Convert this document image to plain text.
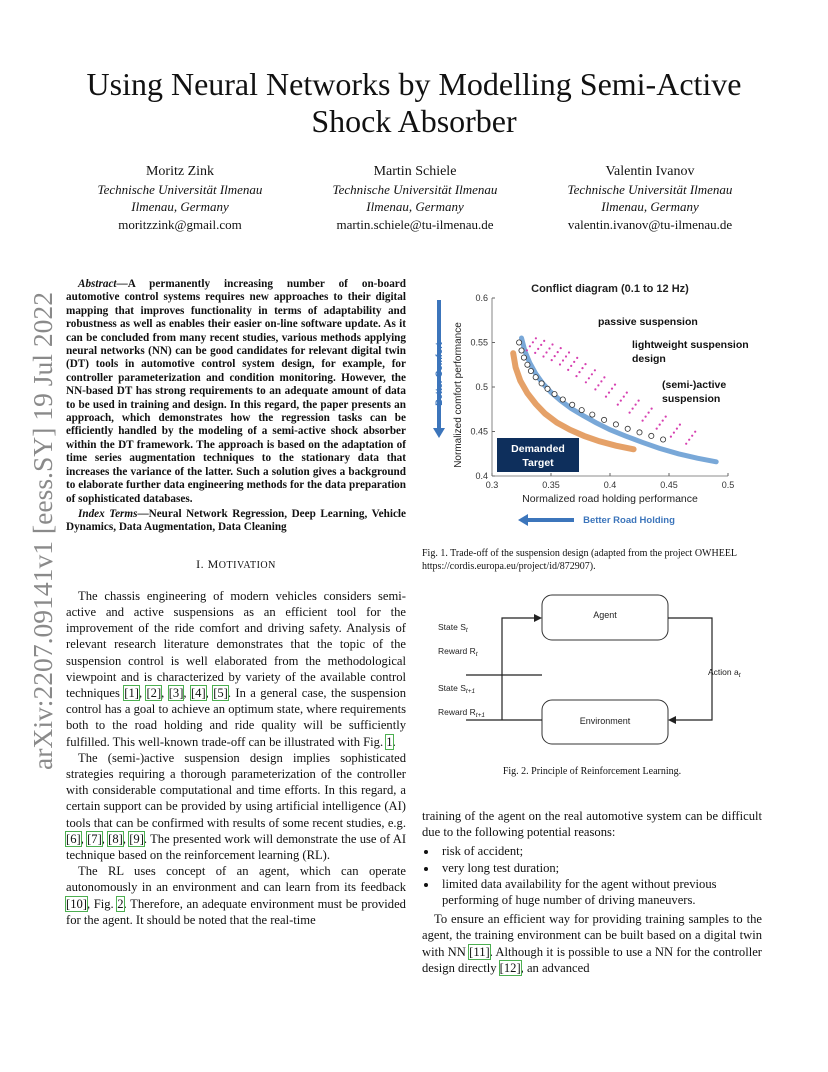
arXiv:2207.09141v1 [eess.SY] 19 Jul 2022
Using Neural Networks by Modelling Semi-Active
Shock Absorber
Moritz Zink
Technische Universität Ilmenau
Ilmenau, Germany
moritzzink@gmail.com
Martin Schiele
Technische Universität Ilmenau
Ilmenau, Germany
martin.schiele@tu-ilmenau.de
Valentin Ivanov
Technische Universität Ilmenau
Ilmenau, Germany
valentin.ivanov@tu-ilmenau.de
Abstract—A permanently increasing number of on-board automotive control systems requires new approaches to their digital mapping that improves functionality in terms of adaptability and robustness as well as enables their easier on-line software update. As it can be concluded from many recent studies, various methods applying neural networks (NN) can be good candidates for relevant digital twin (DT) tools in automotive control system design, for example, for controller parameterization and condition monitoring. However, the NN-based DT has strong requirements to an adequate amount of data to be used in training and design. In this regard, the paper presents an approach, which demonstrates how the regression tasks can be efficiently handled by the modeling of a semi-active shock absorber within the DT framework. The approach is based on the adaptation of time series augmentation techniques to the stationary data that increases the variance of the latter. Such a solution gives a background to elaborate further data engineering methods for the data preparation of sophisticated databases.
Index Terms—Neural Network Regression, Deep Learning, Vehicle Dynamics, Data Augmentation, Data Cleaning
I. MOTIVATION

The chassis engineering of modern vehicles considers semi-active and active suspensions as an efficient tool for the improvement of the ride comfort and driving safety. Analysis of relevant research literature demonstrates that the topic of the suspension control is well elaborated from the methodological viewpoint and is characterized by variety of the available control techniques [1], [2], [3], [4], [5]. In a general case, the suspension control has a goal to achieve an optimum state, where requirements both to the road holding and ride quality will be sufficiently fulfilled. This well-known trade-off can be illustrated with Fig. 1.

The (semi-)active suspension design implies sophisticated strategies requiring a thorough parameterization of the controller with considerable computational and time efforts. In this regard, a certain support can be provided by using artificial intelligence (AI) tools that can be confirmed with results of some recent studies, e.g. [6], [7], [8], [9]. The presented work will demonstrate the use of AI technique based on the reinforcement learning (RL).

The RL uses concept of an agent, which can operate autonomously in an environment and can learn from its feedback [10], Fig. 2. Therefore, an adequate environment must be provided for the agent. It should be noted that the real-time

Conflict diagram (0.1 to 12 Hz)
0.3	0.35	0.4	0.45	0.5
0.4
0.45
0.5
0.55
0.6
passive suspension
lightweight suspension
design
(semi-)active
suspension
Demanded
Target
Better Comfort
Better Road Holding
Normalized road holding performance
Normalized comfort performance
Fig. 1. Trade-off of the suspension design (adapted from the project OWHEEL https://cordis.europa.eu/project/id/872907).
Agent
Environment
State $S_t$
Reward $R_t$
State $S_{t+1}$
Reward $R_{t+1}$
Action $a_t$
Fig. 2. Principle of Reinforcement Learning.

training of the agent on the real automotive system can be difficult due to the following potential reasons:

• risk of accident;
• very long test duration;
• limited data availability for the agent without previous performing of huge number of driving maneuvers.

To ensure an efficient way for providing training samples to the agent, the training environment can be built based on a digital twin with NN [11]. Although it is possible to use a NN for the controller design directly [12], an advanced
